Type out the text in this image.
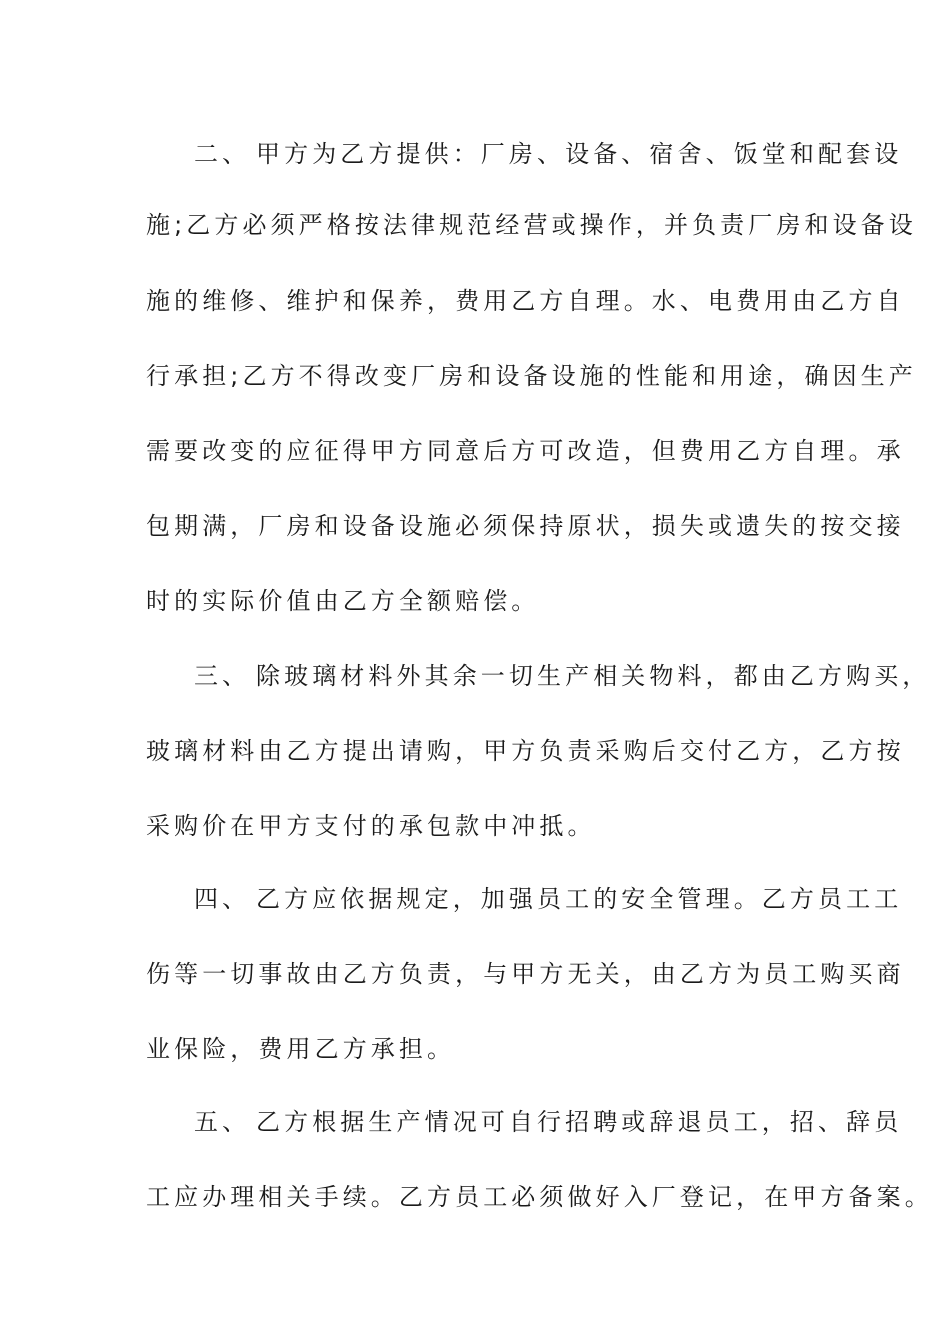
二、 甲方为乙方提供：厂房、设备、宿舍、饭堂和配套设
施;乙方必须严格按法律规范经营或操作，并负责厂房和设备设
施的维修、维护和保养，费用乙方自理。水、电费用由乙方自
行承担;乙方不得改变厂房和设备设施的性能和用途，确因生产
需要改变的应征得甲方同意后方可改造，但费用乙方自理。承
包期满，厂房和设备设施必须保持原状，损失或遗失的按交接
时的实际价值由乙方全额赔偿。
三、 除玻璃材料外其余一切生产相关物料，都由乙方购买，
玻璃材料由乙方提出请购，甲方负责采购后交付乙方，乙方按
采购价在甲方支付的承包款中冲抵。
四、 乙方应依据规定，加强员工的安全管理。乙方员工工
伤等一切事故由乙方负责，与甲方无关，由乙方为员工购买商
业保险，费用乙方承担。
五、 乙方根据生产情况可自行招聘或辞退员工，招、辞员
工应办理相关手续。乙方员工必须做好入厂登记，在甲方备案。
